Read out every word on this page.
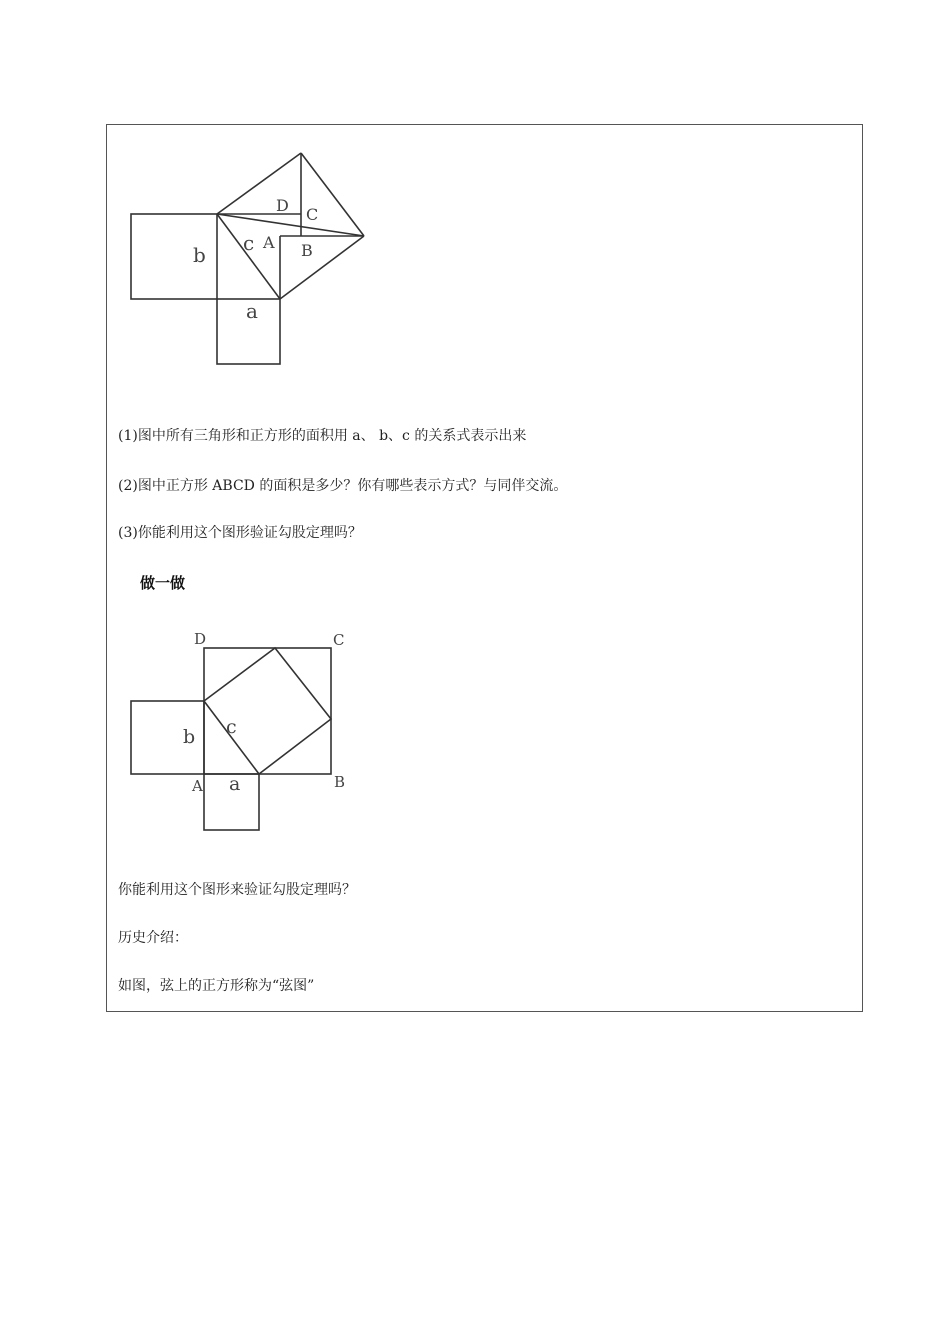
b c A
D C
B
a
(1)图中所有三角形和正方形的面积用 a、 b、c 的关系式表示出来
(2)图中正方形 ABCD 的面积是多少？你有哪些表示方式？与同伴交流。
(3)你能利用这个图形验证勾股定理吗？
做一做
D	C
b c
A a	B
你能利用这个图形来验证勾股定理吗？
历史介绍：
如图，弦上的正方形称为“弦图”
